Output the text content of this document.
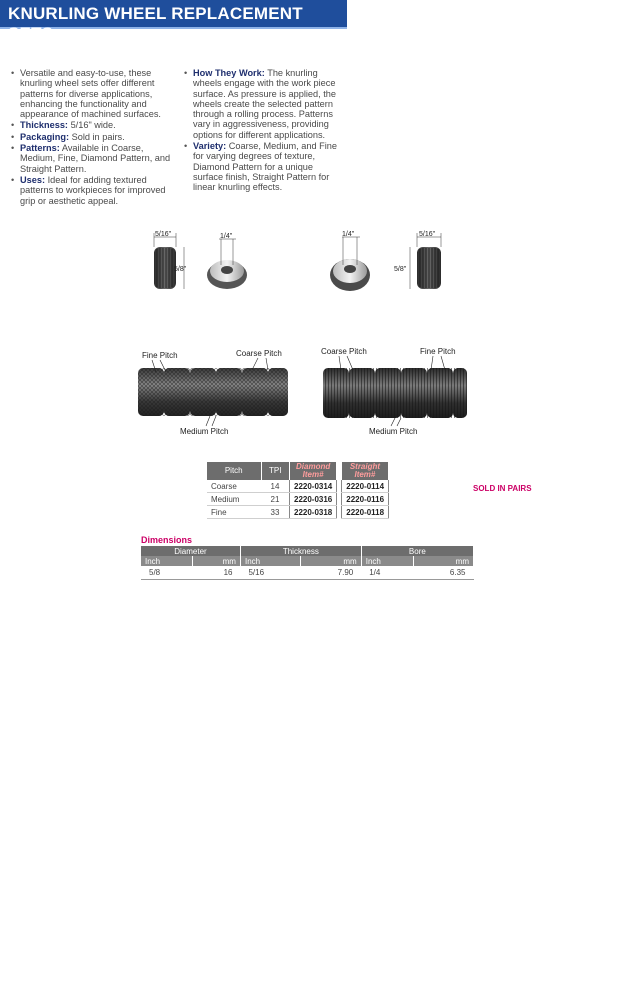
KNURLING WHEEL REPLACEMENT SETS
• Versatile and easy-to-use, these knurling wheel sets offer different patterns for diverse applications, enhancing the functionality and appearance of machined surfaces.
• Thickness: 5/16" wide.
• Packaging: Sold in pairs.
• Patterns: Available in Coarse, Medium, Fine, Diamond Pattern, and Straight Pattern.
• Uses: Ideal for adding textured patterns to workpieces for improved grip or aesthetic appeal.
• How They Work: The knurling wheels engage with the work piece surface. As pressure is applied, the wheels create the selected pattern through a rolling process. Patterns vary in aggressiveness, providing options for different applications.
• Variety: Coarse, Medium, and Fine for varying degrees of texture, Diamond Pattern for a unique surface finish, Straight Pattern for linear knurling effects.
5/16"
5/8"
1/4"	1/4"	5/16"
5/8"
Fine Pitch	Coarse Pitch
Medium Pitch
Coarse Pitch	Fine Pitch
Medium Pitch
Pitch	TPI	Diamond
Item#		Straight
Item#
Coarse	14	2220-0314		2220-0114
Medium	21	2220-0316		2220-0116
Fine	33	2220-0318		2220-0118
SOLD IN PAIRS
Dimensions
Diameter		Thickness		Bore	
Inch	mm	Inch	mm	Inch	mm
5/8	16	5/16	7.90	1/4	6.35
